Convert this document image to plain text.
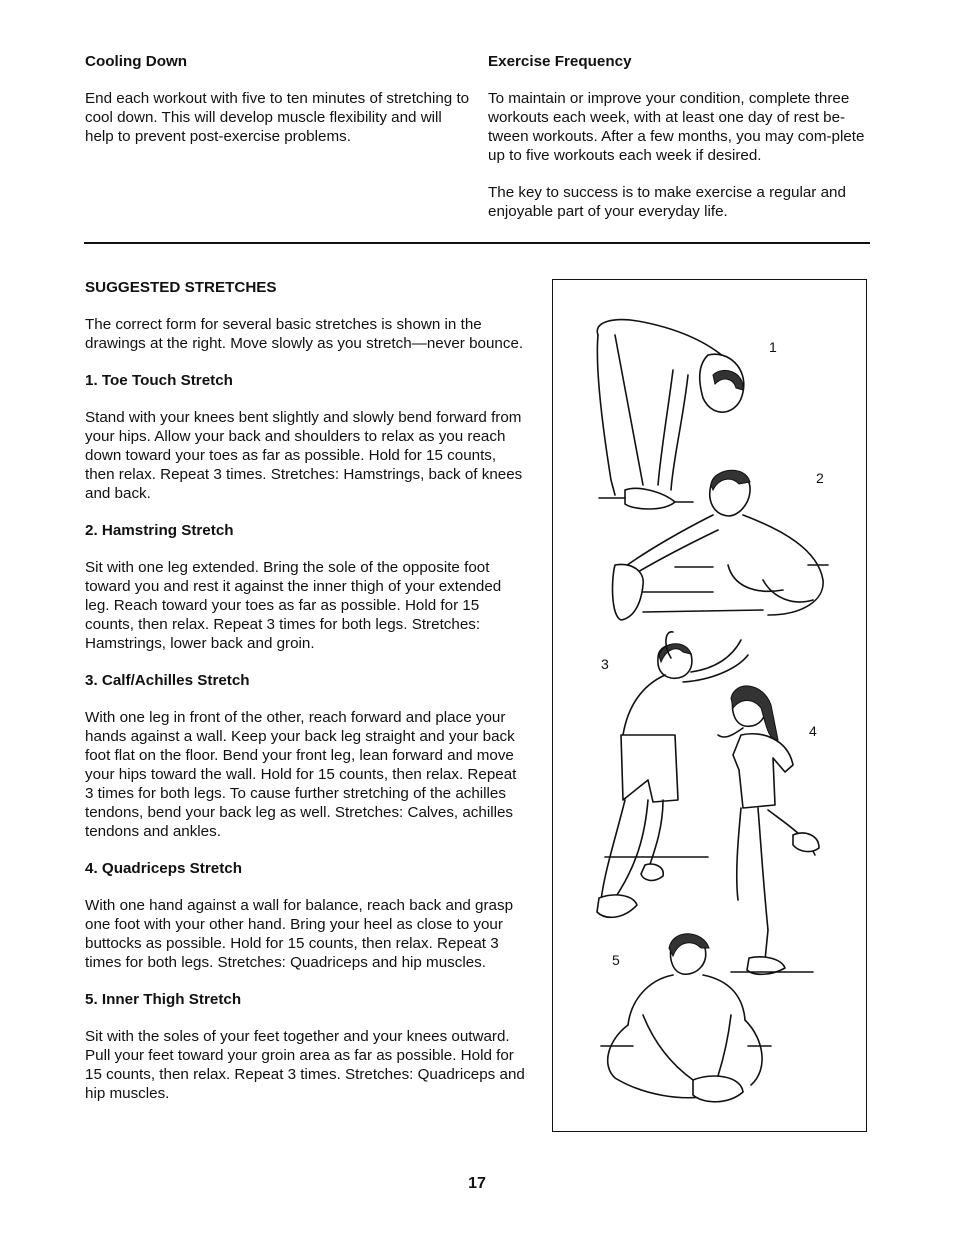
Cooling Down

End each workout with five to ten minutes of stretching to cool down. This will develop muscle flexibility and will help to prevent post-exercise problems.

Exercise Frequency

To maintain or improve your condition, complete three workouts each week, with at least one day of rest be-tween workouts. After a few months, you may com-plete up to five workouts each week if desired.

The key to success is to make exercise a regular and enjoyable part of your everyday life.

SUGGESTED STRETCHES

The correct form for several basic stretches is shown in the drawings at the right. Move slowly as you stretch—never bounce.

1. Toe Touch Stretch

Stand with your knees bent slightly and slowly bend forward from your hips. Allow your back and shoulders to relax as you reach down toward your toes as far as possible. Hold for 15 counts, then relax. Repeat 3 times. Stretches: Hamstrings, back of knees and back.

2. Hamstring Stretch

Sit with one leg extended. Bring the sole of the opposite foot toward you and rest it against the inner thigh of your extended leg. Reach toward your toes as far as possible. Hold for 15 counts, then relax. Repeat 3 times for both legs. Stretches: Hamstrings, lower back and groin.

3. Calf/Achilles Stretch

With one leg in front of the other, reach forward and place your hands against a wall. Keep your back leg straight and your back foot flat on the floor. Bend your front leg, lean forward and move your hips toward the wall. Hold for 15 counts, then relax. Repeat 3 times for both legs. To cause further stretching of the achilles tendons, bend your back leg as well. Stretches: Calves, achilles tendons and ankles.

4. Quadriceps Stretch

With one hand against a wall for balance, reach back and grasp one foot with your other hand. Bring your heel as close to your buttocks as possible. Hold for 15 counts, then relax. Repeat 3 times for both legs. Stretches: Quadriceps and hip muscles.

5. Inner Thigh Stretch

Sit with the soles of your feet together and your knees outward. Pull your feet toward your groin area as far as possible. Hold for 15 counts, then relax. Repeat 3 times. Stretches: Quadriceps and hip muscles.

1
2
3
4
5
17
